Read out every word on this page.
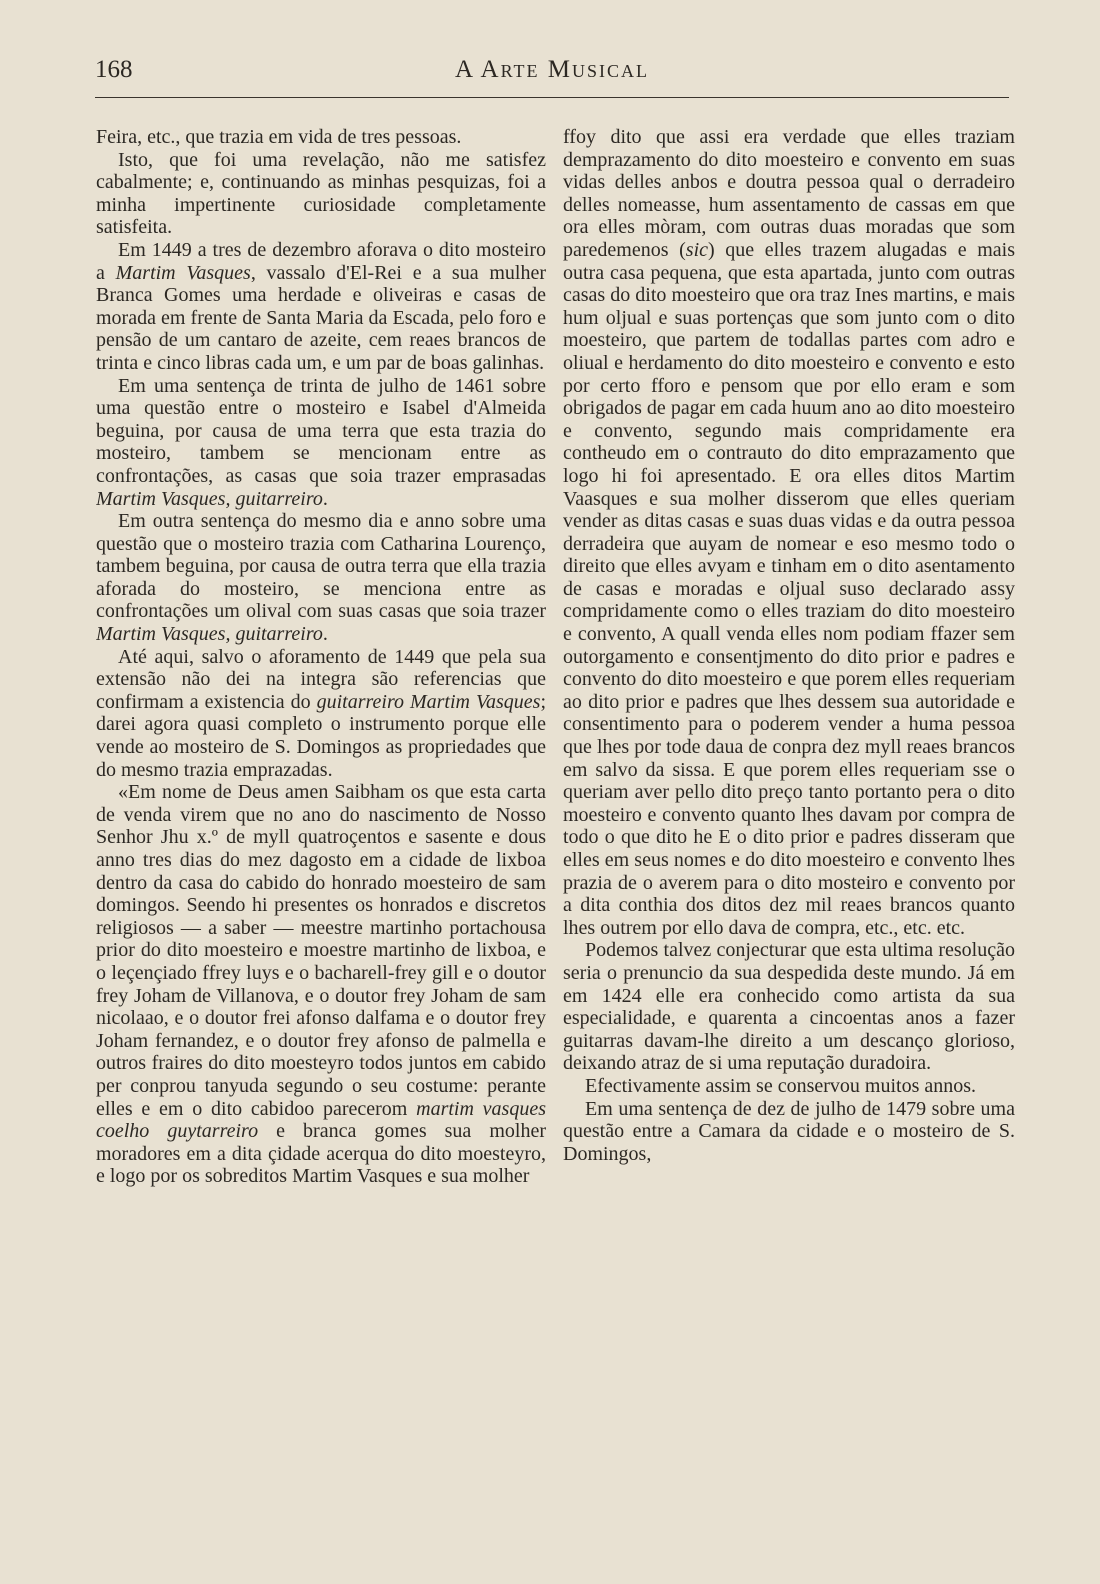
168	A Arte Musical

Feira, etc., que trazia em vida de tres pessoas.

Isto, que foi uma revelação, não me satisfez cabalmente; e, continuando as minhas pesquizas, foi a minha impertinente curiosidade completamente satisfeita.

Em 1449 a tres de dezembro aforava o dito mosteiro a Martim Vasques, vassalo d'El-Rei e a sua mulher Branca Gomes uma herdade e oliveiras e casas de morada em frente de Santa Maria da Escada, pelo foro e pensão de um cantaro de azeite, cem reaes brancos de trinta e cinco libras cada um, e um par de boas galinhas.

Em uma sentença de trinta de julho de 1461 sobre uma questão entre o mosteiro e Isabel d'Almeida beguina, por causa de uma terra que esta trazia do mosteiro, tambem se mencionam entre as confrontações, as casas que soia trazer emprasadas Martim Vasques, guitarreiro.

Em outra sentença do mesmo dia e anno sobre uma questão que o mosteiro trazia com Catharina Lourenço, tambem beguina, por causa de outra terra que ella trazia aforada do mosteiro, se menciona entre as confrontações um olival com suas casas que soia trazer Martim Vasques, guitarreiro.

Até aqui, salvo o aforamento de 1449 que pela sua extensão não dei na integra são referencias que confirmam a existencia do guitarreiro Martim Vasques; darei agora quasi completo o instrumento porque elle vende ao mosteiro de S. Domingos as propriedades que do mesmo trazia emprazadas.

«Em nome de Deus amen Saibham os que esta carta de venda virem que no ano do nascimento de Nosso Senhor Jhu x.º de myll quatroçentos e sasente e dous anno tres dias do mez dagosto em a cidade de lixboa dentro da casa do cabido do honrado moesteiro de sam domingos. Seendo hi presentes os honrados e discretos religiosos — a saber — meestre martinho portachousa prior do dito moesteiro e moestre martinho de lixboa, e o leçençiado ffrey luys e o bacharell-frey gill e o doutor frey Joham de Villanova, e o doutor frey Joham de sam nicolaao, e o doutor frei afonso dalfama e o doutor frey Joham fernandez, e o doutor frey afonso de palmella e outros fraires do dito moesteyro todos juntos em cabido per conprou tanyuda segundo o seu costume: perante elles e em o dito cabidoo parecerom martim vasques coelho guytarreiro e branca gomes sua molher moradores em a dita çidade acerqua do dito moesteyro, e logo por os sobreditos Martim Vasques e sua molher

ffoy dito que assi era verdade que elles traziam demprazamento do dito moesteiro e convento em suas vidas delles anbos e doutra pessoa qual o derradeiro delles nomeasse, hum assentamento de cassas em que ora elles mòram, com outras duas moradas que som paredemenos (sic) que elles trazem alugadas e mais outra casa pequena, que esta apartada, junto com outras casas do dito moesteiro que ora traz Ines martins, e mais hum oljual e suas portenças que som junto com o dito moesteiro, que partem de todallas partes com adro e oliual e herdamento do dito moesteiro e convento e esto por certo fforo e pensom que por ello eram e som obrigados de pagar em cada huum ano ao dito moesteiro e convento, segundo mais compridamente era contheudo em o contrauto do dito emprazamento que logo hi foi apresentado. E ora elles ditos Martim Vaasques e sua molher disserom que elles queriam vender as ditas casas e suas duas vidas e da outra pessoa derradeira que auyam de nomear e eso mesmo todo o direito que elles avyam e tinham em o dito asentamento de casas e moradas e oljual suso declarado assy compridamente como o elles traziam do dito moesteiro e convento, A quall venda elles nom podiam ffazer sem outorgamento e consentjmento do dito prior e padres e convento do dito moesteiro e que porem elles requeriam ao dito prior e padres que lhes dessem sua autoridade e consentimento para o poderem vender a huma pessoa que lhes por tode daua de conpra dez myll reaes brancos em salvo da sissa. E que porem elles requeriam sse o queriam aver pello dito preço tanto portanto pera o dito moesteiro e convento quanto lhes davam por compra de todo o que dito he E o dito prior e padres disseram que elles em seus nomes e do dito moesteiro e convento lhes prazia de o averem para o dito mosteiro e convento por a dita conthia dos ditos dez mil reaes brancos quanto lhes outrem por ello dava de compra, etc., etc. etc.

Podemos talvez conjecturar que esta ultima resolução seria o prenuncio da sua despedida deste mundo. Já em em 1424 elle era conhecido como artista da sua especialidade, e quarenta a cincoentas anos a fazer guitarras davam-lhe direito a um descanço glorioso, deixando atraz de si uma reputação duradoira.

Efectivamente assim se conservou muitos annos.

Em uma sentença de dez de julho de 1479 sobre uma questão entre a Camara da cidade e o mosteiro de S. Domingos,
